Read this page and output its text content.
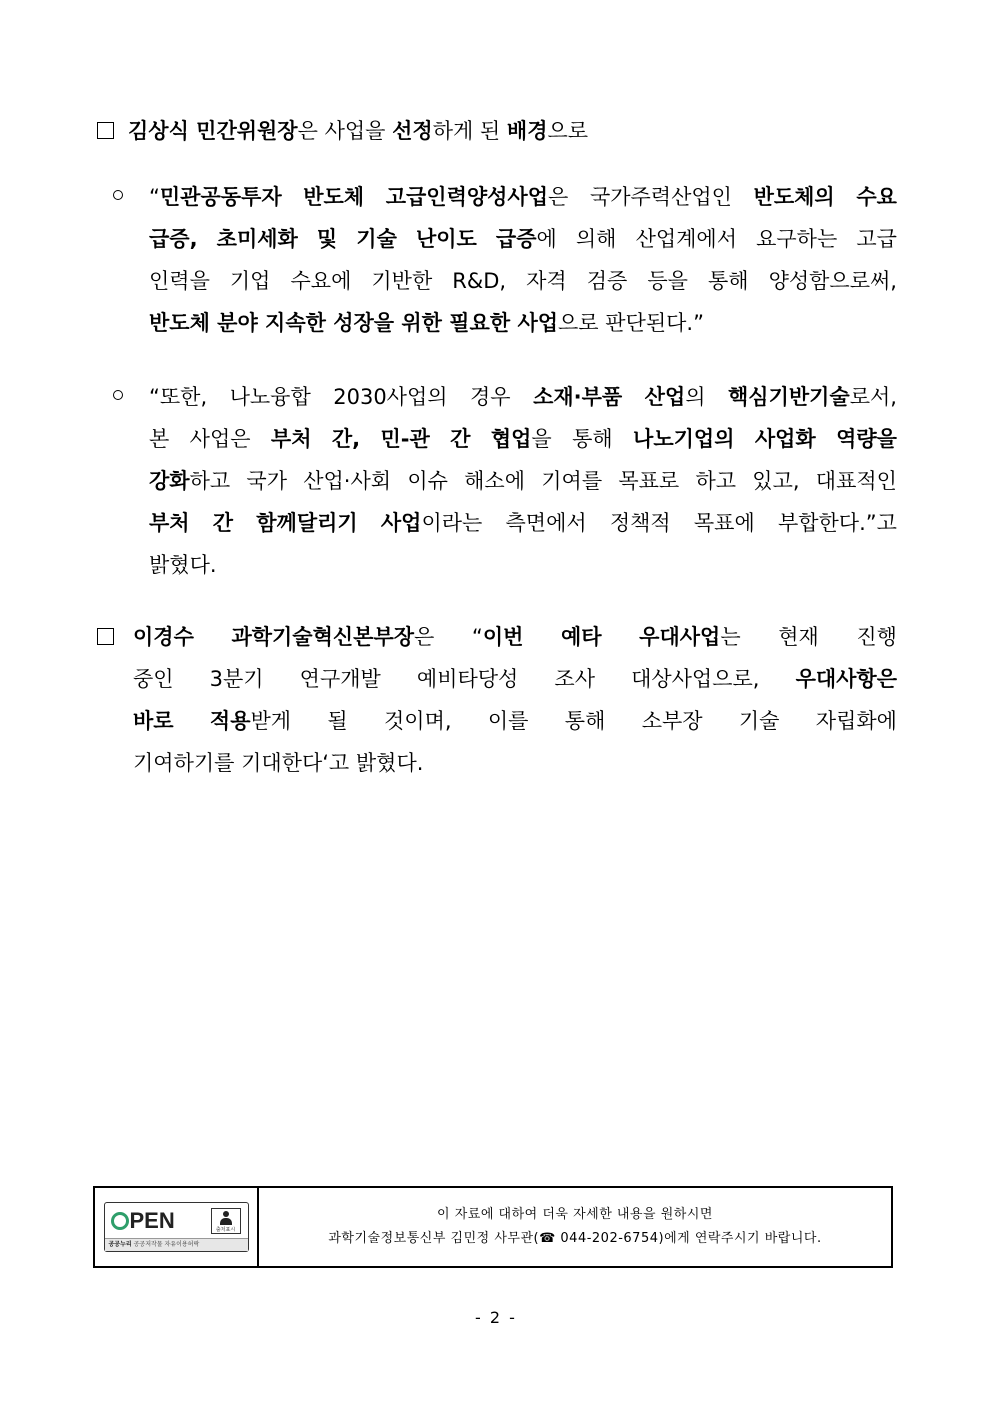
김상식 민간위원장은 사업을 선정하게 된 배경으로
“민관공동투자 반도체 고급인력양성사업은 국가주력산업인 반도체의 수요
급증, 초미세화 및 기술 난이도 급증에 의해 산업계에서 요구하는 고급
인력을 기업 수요에 기반한 R&D, 자격 검증 등을 통해 양성함으로써,
반도체 분야 지속한 성장을 위한 필요한 사업으로 판단된다.”
“또한, 나노융합 2030사업의 경우 소재·부품 산업의 핵심기반기술로서,
본 사업은 부처 간, 민-관 간 협업을 통해 나노기업의 사업화 역량을
강화하고 국가 산업·사회 이슈 해소에 기여를 목표로 하고 있고, 대표적인
부처 간 함께달리기 사업이라는 측면에서 정책적 목표에 부합한다.”고
밝혔다.
이경수 과학기술혁신본부장은 “이번 예타 우대사업는 현재 진행
중인 3분기 연구개발 예비타당성 조사 대상사업으로, 우대사항은
바로 적용받게 될 것이며, 이를 통해 소부장 기술 자립화에
기여하기를 기대한다‘고 밝혔다.
PEN	출처표시
공공누리 공공저작물 자유이용허락
이 자료에 대하여 더욱 자세한 내용을 원하시면
과학기술정보통신부 김민정 사무관(☎ 044-202-6754)에게 연락주시기 바랍니다.
- 2 -
